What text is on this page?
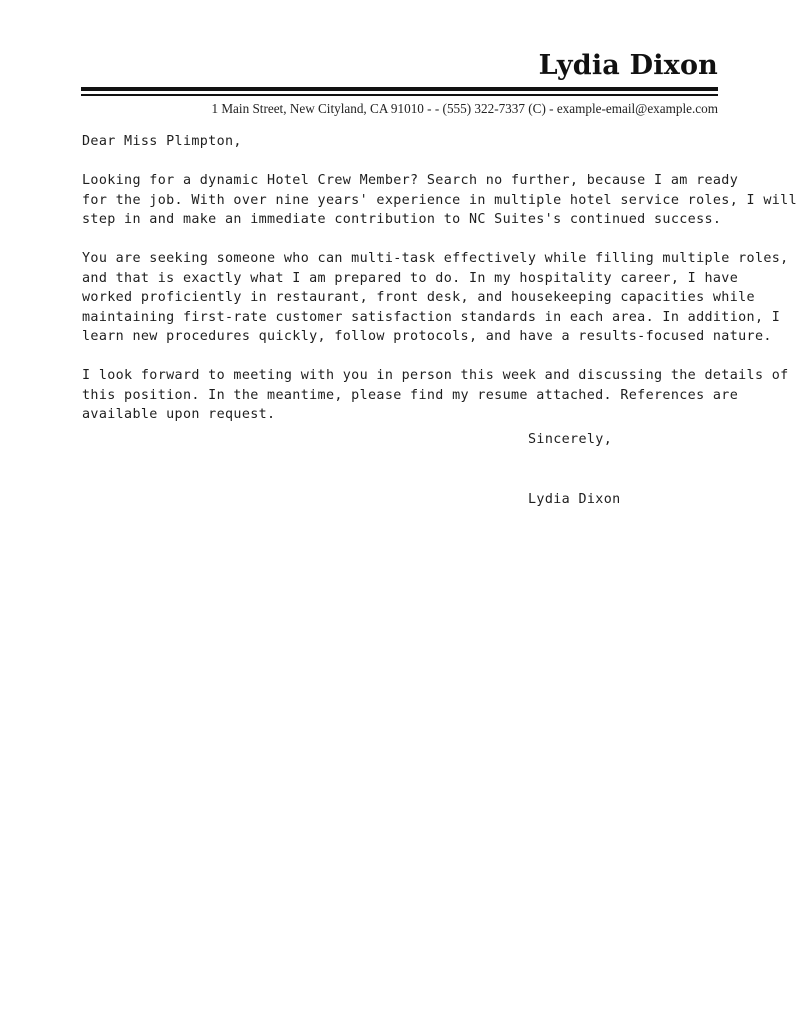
Lydia Dixon
1 Main Street, New Cityland, CA 91010 - - (555) 322-7337 (C) - example-email@example.com
Dear Miss Plimpton,
Looking for a dynamic Hotel Crew Member? Search no further, because I am ready
for the job. With over nine years' experience in multiple hotel service roles, I will
step in and make an immediate contribution to NC Suites's continued success.
You are seeking someone who can multi-task effectively while filling multiple roles,
and that is exactly what I am prepared to do. In my hospitality career, I have
worked proficiently in restaurant, front desk, and housekeeping capacities while
maintaining first-rate customer satisfaction standards in each area. In addition, I
learn new procedures quickly, follow protocols, and have a results-focused nature.
I look forward to meeting with you in person this week and discussing the details of
this position. In the meantime, please find my resume attached. References are
available upon request.
Sincerely,
Lydia Dixon
